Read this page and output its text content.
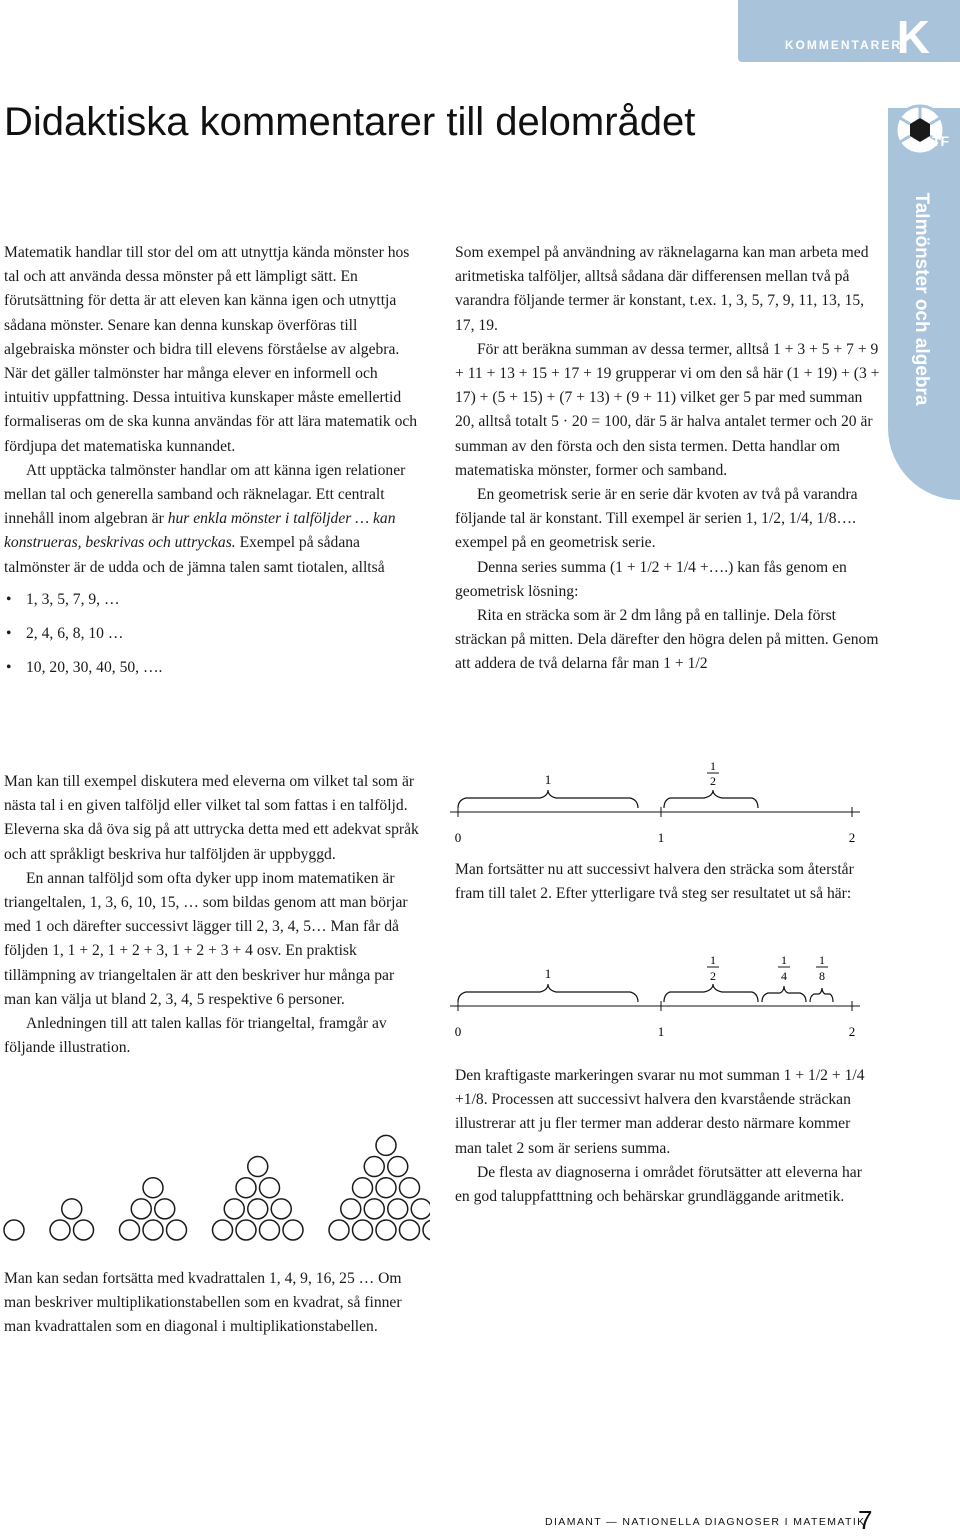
KOMMENTARER
K
Talmönster och algebra
TF
Didaktiska kommentarer till delområdet

Matematik handlar till stor del om att utnyttja kända mönster hos tal och att använda dessa mönster på ett lämpligt sätt. En förutsättning för detta är att eleven kan känna igen och utnyttja sådana mönster. Senare kan denna kunskap överföras till algebraiska mönster och bidra till elevens förståelse av algebra. När det gäller talmönster har många elever en informell och intuitiv uppfattning. Dessa intuitiva kunskaper måste emellertid formaliseras om de ska kunna användas för att lära matematik och fördjupa det matematiska kunnandet.

Att upptäcka talmönster handlar om att känna igen relationer mellan tal och generella samband och räknelagar. Ett centralt innehåll inom algebran är hur enkla mönster i talföljder … kan konstrueras, beskrivas och uttryckas. Exempel på sådana talmönster är de udda och de jämna talen samt tiotalen, alltså

• 1, 3, 5, 7, 9, …
• 2, 4, 6, 8, 10 …
• 10, 20, 30, 40, 50, ….

Man kan till exempel diskutera med eleverna om vilket tal som är nästa tal i en given talföljd eller vilket tal som fattas i en talföljd. Eleverna ska då öva sig på att uttrycka detta med ett adekvat språk och att språkligt beskriva hur talföljden är uppbyggd.

En annan talföljd som ofta dyker upp inom matematiken är triangeltalen, 1, 3, 6, 10, 15, … som bildas genom att man börjar med 1 och därefter successivt lägger till 2, 3, 4, 5… Man får då följden 1, 1 + 2, 1 + 2 + 3, 1 + 2 + 3 + 4 osv. En praktisk tillämpning av triangeltalen är att den beskriver hur många par man kan välja ut bland 2, 3, 4, 5 respektive 6 personer.

Anledningen till att talen kallas för triangeltal, framgår av följande illustration.

Man kan sedan fortsätta med kvadrattalen 1, 4, 9, 16, 25 … Om man beskriver multiplikationstabellen som en kvadrat, så finner man kvadrattalen som en diagonal i multiplikationstabellen.

Som exempel på användning av räknelagarna kan man arbeta med aritmetiska talföljer, alltså sådana där differensen mellan två på varandra följande termer är konstant, t.ex. 1, 3, 5, 7, 9, 11, 13, 15, 17, 19.

För att beräkna summan av dessa termer, alltså 1 + 3 + 5 + 7 + 9 + 11 + 13 + 15 + 17 + 19 grupperar vi om den så här (1 + 19) + (3 + 17) + (5 + 15) + (7 + 13) + (9 + 11) vilket ger 5 par med summan 20, alltså totalt 5 · 20 = 100, där 5 är halva antalet termer och 20 är summan av den första och den sista termen. Detta handlar om matematiska mönster, former och samband.

En geometrisk serie är en serie där kvoten av två på varandra följande tal är konstant. Till exempel är serien 1, 1/2, 1/4, 1/8…. exempel på en geometrisk serie.

Denna series summa (1 + 1/2 + 1/4 +….) kan fås genom en geometrisk lösning:

Rita en sträcka som är 2 dm lång på en tallinje. Dela först sträckan på mitten. Dela därefter den högra delen på mitten. Genom att addera de två delarna får man 1 + 1/2

1
1
2
0	1	2

Man fortsätter nu att successivt halvera den sträcka som återstår fram till talet 2. Efter ytterligare två steg ser resultatet ut så här:

1
1
2
1
4
1
8
0	1	2

Den kraftigaste markeringen svarar nu mot summan 1 + 1/2 + 1/4 +1/8. Processen att successivt halvera den kvarstående sträckan illustrerar att ju fler termer man adderar desto närmare kommer man talet 2 som är seriens summa.

De flesta av diagnoserna i området förutsätter att eleverna har en god taluppfatttning och behärskar grundläggande aritmetik.

DIAMANT — NATIONELLA DIAGNOSER I MATEMATIK
7
